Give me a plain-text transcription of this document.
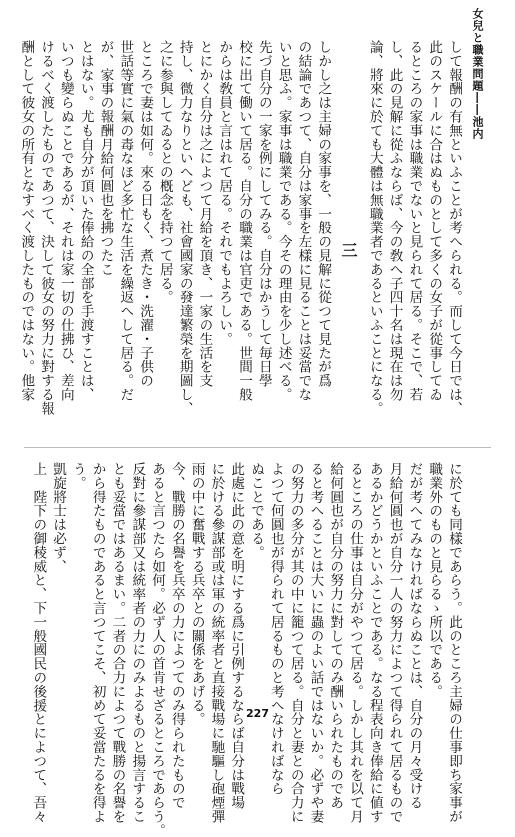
女兒と職業問題――池内
して報酬の有無といふことが考へられる。而して今日では、
此のスケールに合はぬものとして多くの女子が從事してゐ
るところの家事は職業でないと見られて居る。そこで、若
し、此の見解に從ふならば、今の敎へ子四十名は現在は勿
論、將來に於ても大體は無職業者であるといふことになる。
三
しかし之は主婦の家事を、一般の見解に從つて見たが爲
の結論であつて、自分は家事を左樣に見ることは妥當でな
いと思ふ。家事は職業である。今その理由を少し述べる。
先づ自分の一家を例にしてみる。自分はかうして毎日學
校に出て働いて居る。自分の職業は官吏である。世間一般
からは敎員と言はれて居る。それでもよろしい。
とにかく自分は之によつて月給を頂き、一家の生活を支
持し、微力なりといへども、社會國家の發達繁榮を期圖し、
之に参與してゐるとの槪念を持つて居る。
ところで妻は如何。來る日もく、煮たき・洗濯・子供の
世話等實に氣の毒なほど多忙な生活を繰返へして居る。だ
が、家事の報酬月給何圓也を拂つたこ
とはない。尤も自分が頂いた俸給の全部を手渡すことは、
いつも變らぬことであるが、それは家一切の仕拂ひ、差向
けるべく渡したものであつて、決して彼女の努力に對する報
酬として彼女の所有となすべく渡したものではない。他家
に於ても同樣であらう。此のところ主婦の仕事即ち家事が
職業外のものと見らるゝ所以である。
だが考へてみなければならぬことは、自分の月々受ける
月給何圓也が自分一人の努力によつて得られて居るもので
あるかどうかといふことである。なる程表向き俸給に値す
るところの仕事は自分がやつて居る。しかし其れを以て月
給何圓也が自分の努力に對してのみ酬いられたものであ
ると考へることは大いに蟲のよい話ではないか。必ずや妻
の努力の多分が其の中に籠つて居る。自分と妻との合力に
よつて何圓也が得られて居るものと考へなければなら
ぬことである。
此處に此の意を明にする爲に引例するならば自分は戰場
に於ける參謀部或は軍の統率者と直接戰場に馳驅し砲煙彈
雨の中に奮戰する兵卒との關係をあげる。
今、戰勝の名譽を兵卒の力によつてのみ得られたもので
あると言つたら如何。必ず人の首肯せざるところであらう。
反對に參謀部又は統率者の力にのみよるものと揚言するこ
とも妥當ではあるまい。二者の合力によつて戰勝の名譽を
から得たものであると言つてこそ、初めて妥當たるを得よ
う。
凱旋將士は必ず、
上　陛下の御稜威と、下一般國民の後援とによつて、吾々	227
